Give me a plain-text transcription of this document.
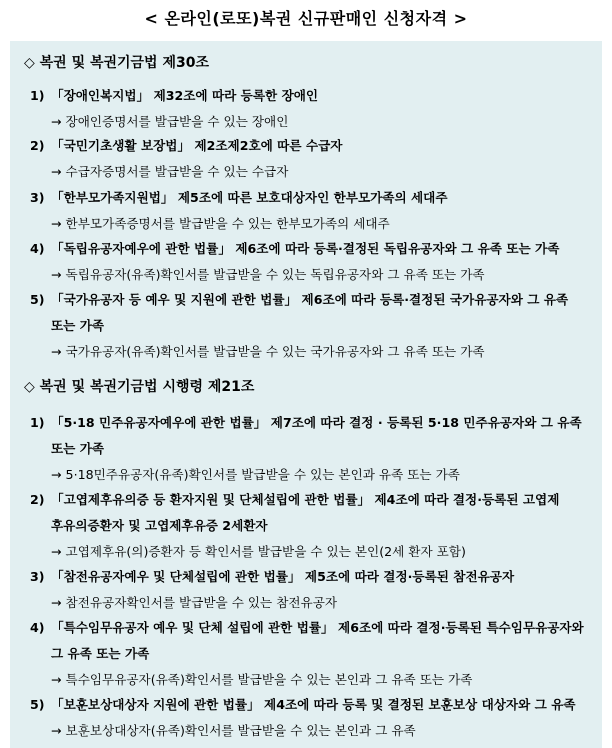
< 온라인(로또)복권 신규판매인 신청자격 >
◇ 복권 및 복권기금법 제30조
1) 「장애인복지법」 제32조에 따라 등록한 장애인
→ 장애인증명서를 발급받을 수 있는 장애인
2) 「국민기초생활 보장법」 제2조제2호에 따른 수급자
→ 수급자증명서를 발급받을 수 있는 수급자
3) 「한부모가족지원법」 제5조에 따른 보호대상자인 한부모가족의 세대주
→ 한부모가족증명서를 발급받을 수 있는 한부모가족의 세대주
4) 「독립유공자예우에 관한 법률」 제6조에 따라 등록·결정된 독립유공자와 그 유족 또는 가족
→ 독립유공자(유족)확인서를 발급받을 수 있는 독립유공자와 그 유족 또는 가족
5) 「국가유공자 등 예우 및 지원에 관한 법률」 제6조에 따라 등록·결정된 국가유공자와 그 유족
또는 가족
→ 국가유공자(유족)확인서를 발급받을 수 있는 국가유공자와 그 유족 또는 가족
◇ 복권 및 복권기금법 시행령 제21조
1) 「5·18 민주유공자예우에 관한 법률」 제7조에 따라 결정 · 등록된 5·18 민주유공자와 그 유족
또는 가족
→ 5·18민주유공자(유족)확인서를 발급받을 수 있는 본인과 유족 또는 가족
2) 「고엽제후유의증 등 환자지원 및 단체설립에 관한 법률」 제4조에 따라 결정·등록된 고엽제
후유의증환자 및 고엽제후유증 2세환자
→ 고엽제후유(의)증환자 등 확인서를 발급받을 수 있는 본인(2세 환자 포함)
3) 「참전유공자예우 및 단체설립에 관한 법률」 제5조에 따라 결정·등록된 참전유공자
→ 참전유공자확인서를 발급받을 수 있는 참전유공자
4) 「특수임무유공자 예우 및 단체 설립에 관한 법률」 제6조에 따라 결정·등록된 특수임무유공자와
그 유족 또는 가족
→ 특수임무유공자(유족)확인서를 발급받을 수 있는 본인과 그 유족 또는 가족
5) 「보훈보상대상자 지원에 관한 법률」 제4조에 따라 등록 및 결정된 보훈보상 대상자와 그 유족
→ 보훈보상대상자(유족)확인서를 발급받을 수 있는 본인과 그 유족
